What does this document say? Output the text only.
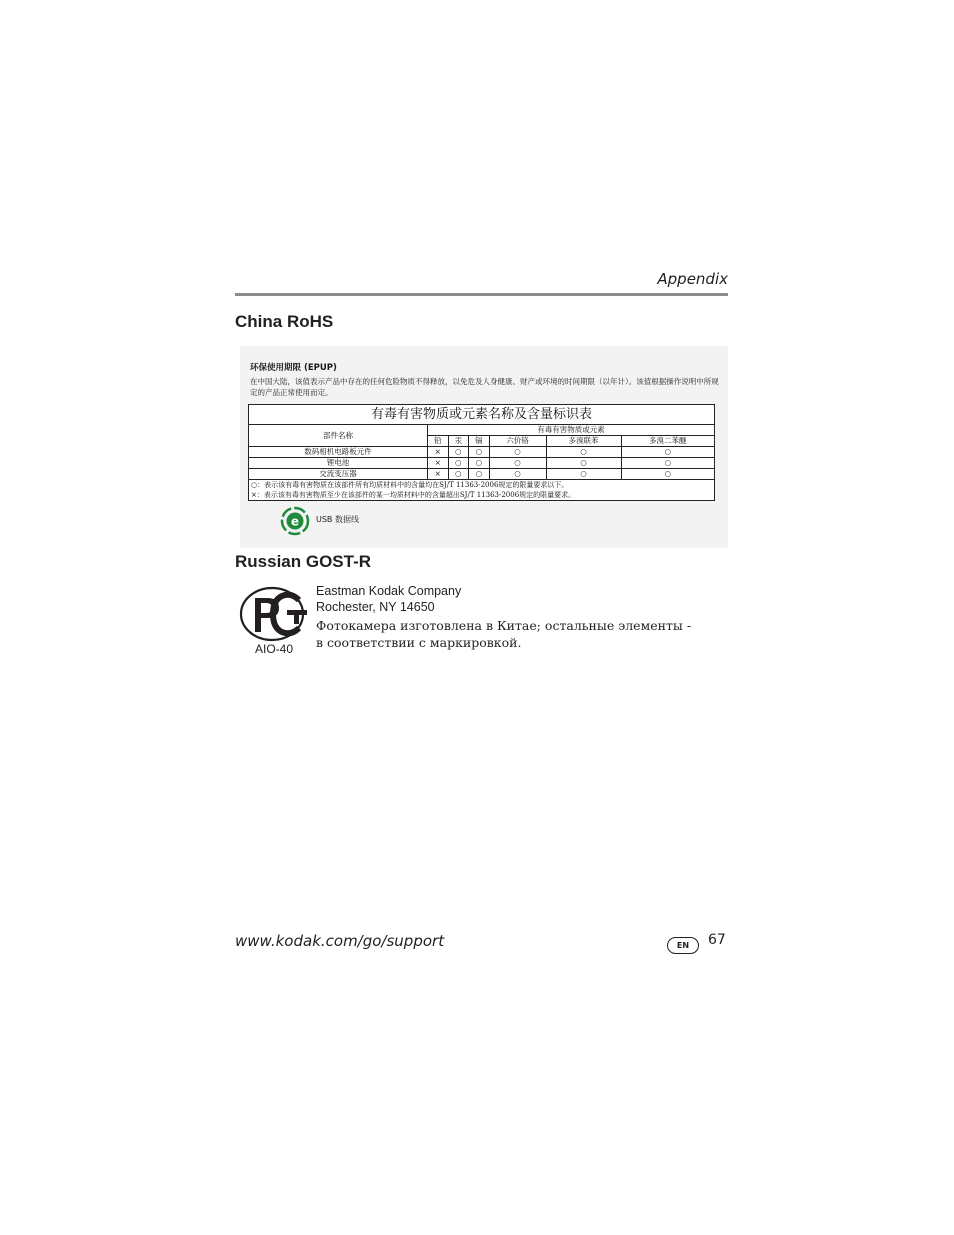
Appendix
China RoHS
环保使用期限 (EPUP)
在中国大陆，该值表示产品中存在的任何危险物质不得释放，以免危及人身健康、财产或环境的时间期限（以年计）。该值根据操作说明中所规定的产品正常使用而定。
有毒有害物质或元素名称及含量标识表						
部件名称	有毒有害物质或元素					
	铅	汞	镉	六价铬	多溴联苯	多溴二苯醚
数码相机电路板元件	×	○	○	○	○	○
锂电池	×	○	○	○	○	○
交流变压器	×	○	○	○	○	○
○：表示该有毒有害物质在该部件所有均质材料中的含量均在SJ/T 11363-2006规定的限量要求以下。						
×：表示该有毒有害物质至少在该部件的某一均质材料中的含量超出SJ/T 11363-2006规定的限量要求。						
e USB 数据线
Russian GOST-R
AIO-40
Eastman Kodak Company
Rochester, NY 14650
Фотокамера изготовлена в Китае; остальные элементы -
в соответствии с маркировкой.
www.kodak.com/go/support	EN	67
